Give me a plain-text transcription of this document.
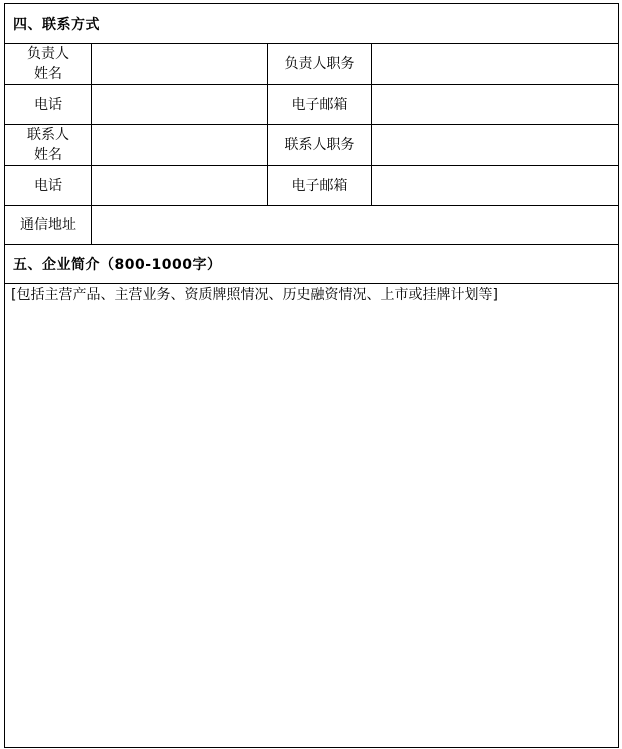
四、联系方式			

负责人
姓名		负责人职务	
电话		电子邮箱	

联系人
姓名		联系人职务	
电话		电子邮箱	
通信地址			
五、企业简介（800-1000字）			
[包括主营产品、主营业务、资质牌照情况、历史融资情况、上市或挂牌计划等]			
